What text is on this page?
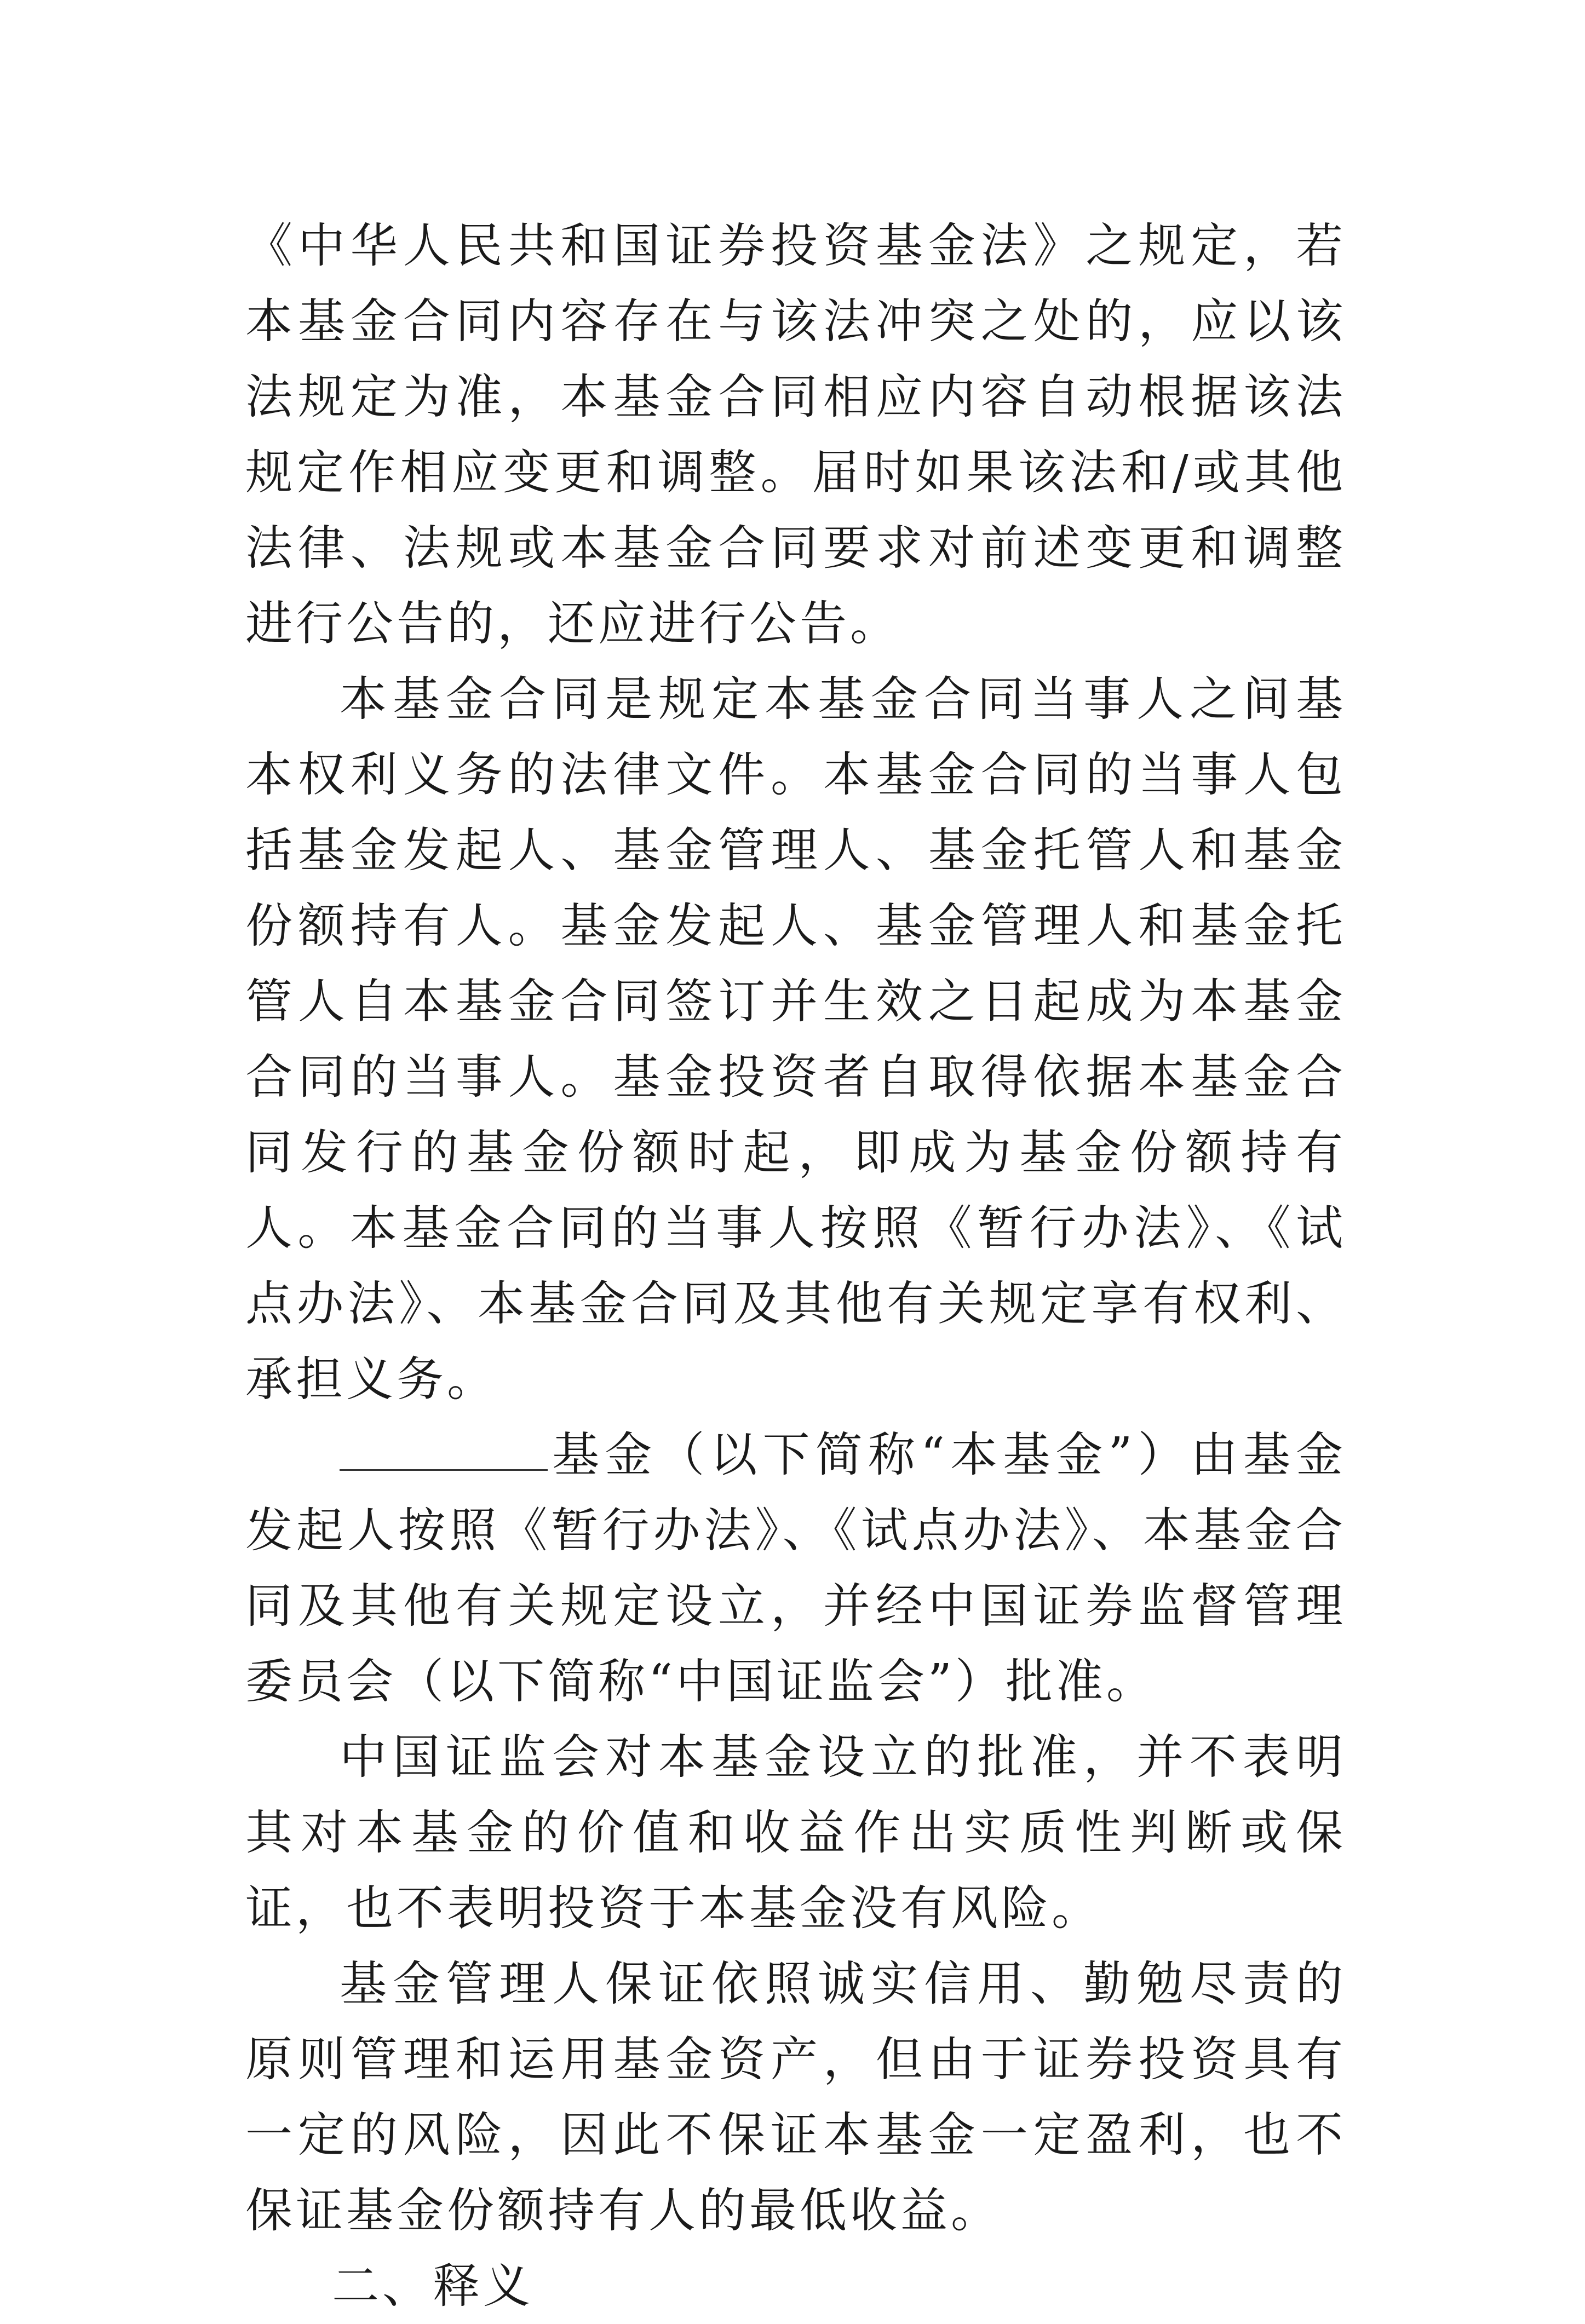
《中华人民共和国证券投资基金法》之规定，若本基金合同内容存在与该法冲突之处的，应以该法规定为准，本基金合同相应内容自动根据该法规定作相应变更和调整。届时如果该法和/或其他法律、法规或本基金合同要求对前述变更和调整进行公告的，还应进行公告。

本基金合同是规定本基金合同当事人之间基本权利义务的法律文件。本基金合同的当事人包括基金发起人、基金管理人、基金托管人和基金份额持有人。基金发起人、基金管理人和基金托管人自本基金合同签订并生效之日起成为本基金合同的当事人。基金投资者自取得依据本基金合同发行的基金份额时起，即成为基金份额持有人。本基金合同的当事人按照《暂行办法》、《试点办法》、本基金合同及其他有关规定享有权利、承担义务。

基金（以下简称“本基金”）由基金发起人按照《暂行办法》、《试点办法》、本基金合同及其他有关规定设立，并经中国证券监督管理委员会（以下简称“中国证监会”）批准。

中国证监会对本基金设立的批准，并不表明其对本基金的价值和收益作出实质性判断或保证，也不表明投资于本基金没有风险。

基金管理人保证依照诚实信用、勤勉尽责的原则管理和运用基金资产，但由于证券投资具有一定的风险，因此不保证本基金一定盈利，也不保证基金份额持有人的最低收益。

二、释义
